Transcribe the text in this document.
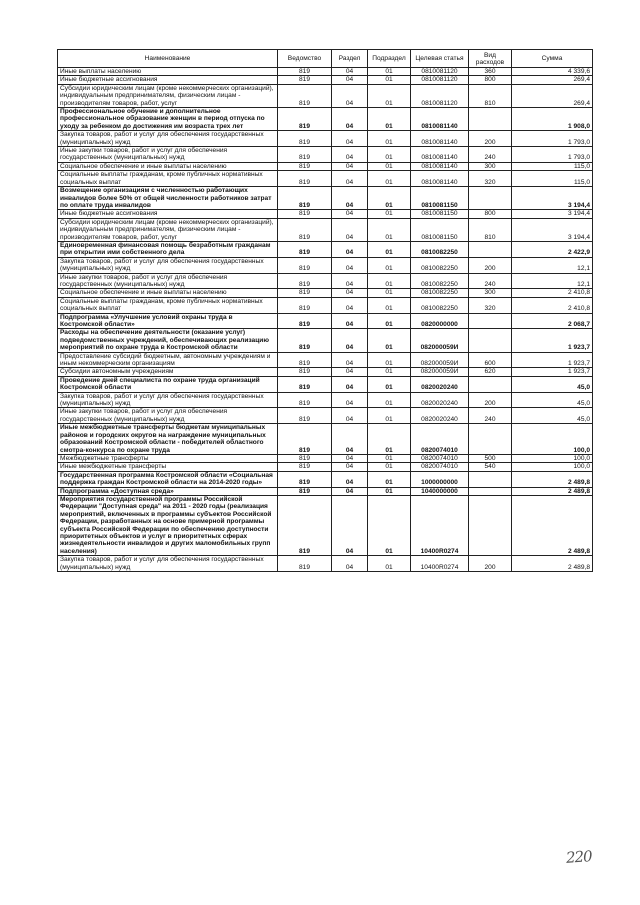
Наименование	Ведомство	Раздел	Подраздел	Целевая статья	Вид расходов	Сумма
Иные выплаты населению	819	04	01	0810081120	360	4 339,6
Иные бюджетные ассигнования	819	04	01	0810081120	800	269,4
Субсидии юридическим лицам (кроме некоммерческих организаций), индивидуальным предпринимателям, физическим лицам - производителям товаров, работ, услуг	819	04	01	0810081120	810	269,4
Профессиональное обучение и дополнительное профессиональное образование женщин в период отпуска по уходу за ребенком до достижения им возраста трех лет	819	04	01	0810081140		1 908,0
Закупка товаров, работ и услуг для обеспечения государственных (муниципальных) нужд	819	04	01	0810081140	200	1 793,0
Иные закупки товаров, работ и услуг для обеспечения государственных (муниципальных) нужд	819	04	01	0810081140	240	1 793,0
Социальное обеспечение и иные выплаты населению	819	04	01	0810081140	300	115,0
Социальные выплаты гражданам, кроме публичных нормативных социальных выплат	819	04	01	0810081140	320	115,0
Возмещение организациям с численностью работающих инвалидов более 50% от общей численности работников затрат по оплате труда инвалидов	819	04	01	0810081150		3 194,4
Иные бюджетные ассигнования	819	04	01	0810081150	800	3 194,4
Субсидии юридическим лицам (кроме некоммерческих организаций), индивидуальным предпринимателям, физическим лицам - производителям товаров, работ, услуг	819	04	01	0810081150	810	3 194,4
Единовременная финансовая помощь безработным гражданам при открытии ими собственного дела	819	04	01	0810082250		2 422,9
Закупка товаров, работ и услуг для обеспечения государственных (муниципальных) нужд	819	04	01	0810082250	200	12,1
Иные закупки товаров, работ и услуг для обеспечения государственных (муниципальных) нужд	819	04	01	0810082250	240	12,1
Социальное обеспечение и иные выплаты населению	819	04	01	0810082250	300	2 410,8
Социальные выплаты гражданам, кроме публичных нормативных социальных выплат	819	04	01	0810082250	320	2 410,8
Подпрограмма «Улучшение условий охраны труда в Костромской области»	819	04	01	0820000000		2 068,7
Расходы на обеспечение деятельности (оказание услуг) подведомственных учреждений, обеспечивающих реализацию мероприятий по охране труда в Костромской области	819	04	01	082000059И		1 923,7
Предоставление субсидий бюджетным, автономным учреждениям и иным некоммерческим организациям	819	04	01	082000059И	600	1 923,7
Субсидии автономным учреждениям	819	04	01	082000059И	620	1 923,7
Проведение дней специалиста по охране труда организаций Костромской области	819	04	01	0820020240		45,0
Закупка товаров, работ и услуг для обеспечения государственных (муниципальных) нужд	819	04	01	0820020240	200	45,0
Иные закупки товаров, работ и услуг для обеспечения государственных (муниципальных) нужд	819	04	01	0820020240	240	45,0
Иные межбюджетные трансферты бюджетам муниципальных районов и городских округов на награждение муниципальных образований Костромской области - победителей областного смотра-конкурса по охране труда	819	04	01	0820074010		100,0
Межбюджетные трансферты	819	04	01	0820074010	500	100,0
Иные межбюджетные трансферты	819	04	01	0820074010	540	100,0
Государственная программа Костромской области «Социальная поддержка граждан Костромской области на 2014-2020 годы»	819	04	01	1000000000		2 489,8
Подпрограмма «Доступная среда»	819	04	01	1040000000		2 489,8
Мероприятия государственной программы Российской Федерации "Доступная среда" на 2011 - 2020 годы (реализация мероприятий, включенных в программы субъектов Российской Федерации, разработанных на основе примерной программы субъекта Российской Федерации по обеспечению доступности приоритетных объектов и услуг в приоритетных сферах жизнедеятельности инвалидов и других маломобильных групп населения)	819	04	01	10400R0274		2 489,8
Закупка товаров, работ и услуг для обеспечения государственных (муниципальных) нужд	819	04	01	10400R0274	200	2 489,8
220
